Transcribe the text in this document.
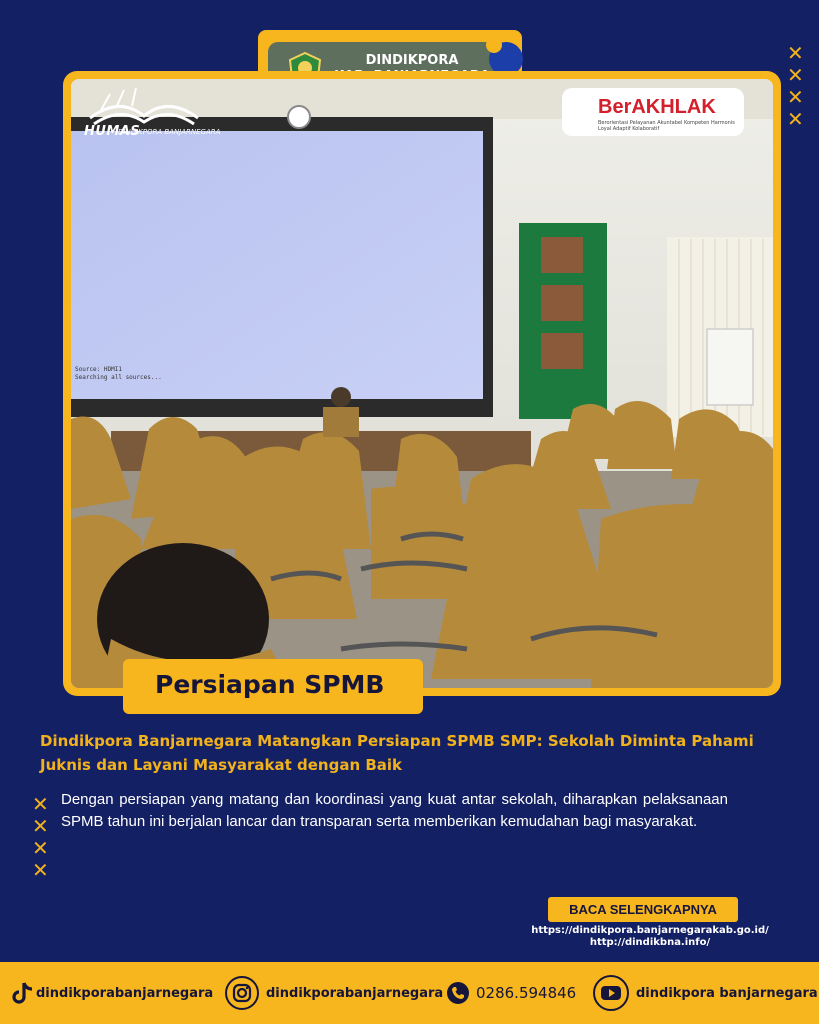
✕
✕
✕
✕
DINDIKPORA
Source: HDMI1
Searching all sources...
HUMAS
DINDIKPORA BANJARNEGARA
BerAKHLAK
Berorientasi Pelayanan Akuntabel Kompeten Harmonis Loyal Adaptif Kolaboratif
Persiapan SPMB
Dindikpora Banjarnegara Matangkan Persiapan SPMB SMP: Sekolah Diminta Pahami Juknis dan Layani Masyarakat dengan Baik
✕
✕
✕
✕
Dengan persiapan yang matang dan koordinasi yang kuat antar sekolah, diharapkan pelaksanaan SPMB tahun ini berjalan lancar dan transparan serta memberikan kemudahan bagi masyarakat.
BACA SELENGKAPNYA
https://dindikpora.banjarnegarakab.go.id/
http://dindikbna.info/
dindikporabanjarnegara	dindikporabanjarnegara 0286.594846	dindikpora banjarnegara
